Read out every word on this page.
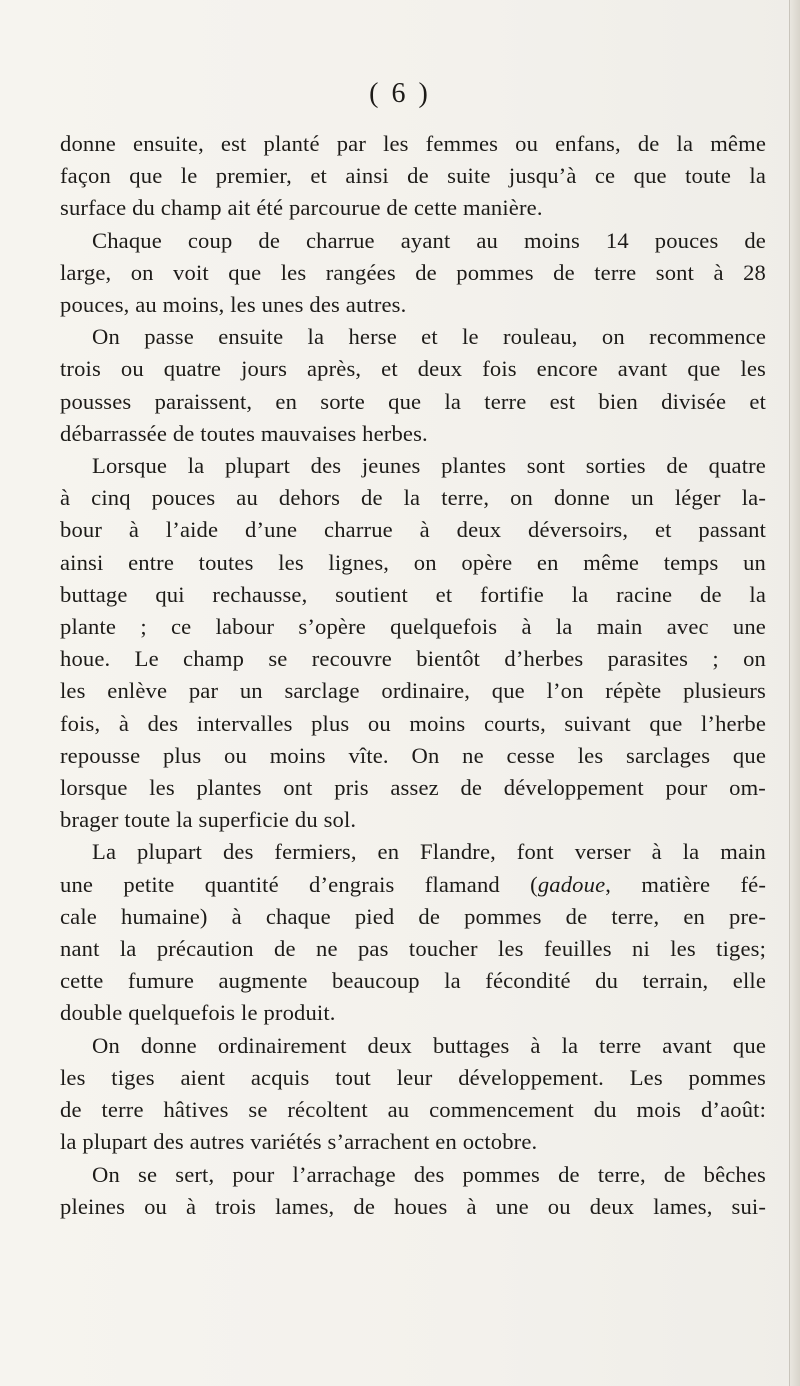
( 6 )
donne ensuite, est planté par les femmes ou enfans, de la même
façon que le premier, et ainsi de suite jusqu’à ce que toute la
surface du champ ait été parcourue de cette manière.
Chaque coup de charrue ayant au moins 14 pouces de
large, on voit que les rangées de pommes de terre sont à 28
pouces, au moins, les unes des autres.
On passe ensuite la herse et le rouleau, on recommence
trois ou quatre jours après, et deux fois encore avant que les
pousses paraissent, en sorte que la terre est bien divisée et
débarrassée de toutes mauvaises herbes.
Lorsque la plupart des jeunes plantes sont sorties de quatre
à cinq pouces au dehors de la terre, on donne un léger la-
bour à l’aide d’une charrue à deux déversoirs, et passant
ainsi entre toutes les lignes, on opère en même temps un
buttage qui rechausse, soutient et fortifie la racine de la
plante ; ce labour s’opère quelquefois à la main avec une
houe. Le champ se recouvre bientôt d’herbes parasites ; on
les enlève par un sarclage ordinaire, que l’on répète plusieurs
fois, à des intervalles plus ou moins courts, suivant que l’herbe
repousse plus ou moins vîte. On ne cesse les sarclages que
lorsque les plantes ont pris assez de développement pour om-
brager toute la superficie du sol.
La plupart des fermiers, en Flandre, font verser à la main
une petite quantité d’engrais flamand (gadoue, matière fé-
cale humaine) à chaque pied de pommes de terre, en pre-
nant la précaution de ne pas toucher les feuilles ni les tiges;
cette fumure augmente beaucoup la fécondité du terrain, elle
double quelquefois le produit.
On donne ordinairement deux buttages à la terre avant que
les tiges aient acquis tout leur développement. Les pommes
de terre hâtives se récoltent au commencement du mois d’août:
la plupart des autres variétés s’arrachent en octobre.
On se sert, pour l’arrachage des pommes de terre, de bêches
pleines ou à trois lames, de houes à une ou deux lames, sui-
